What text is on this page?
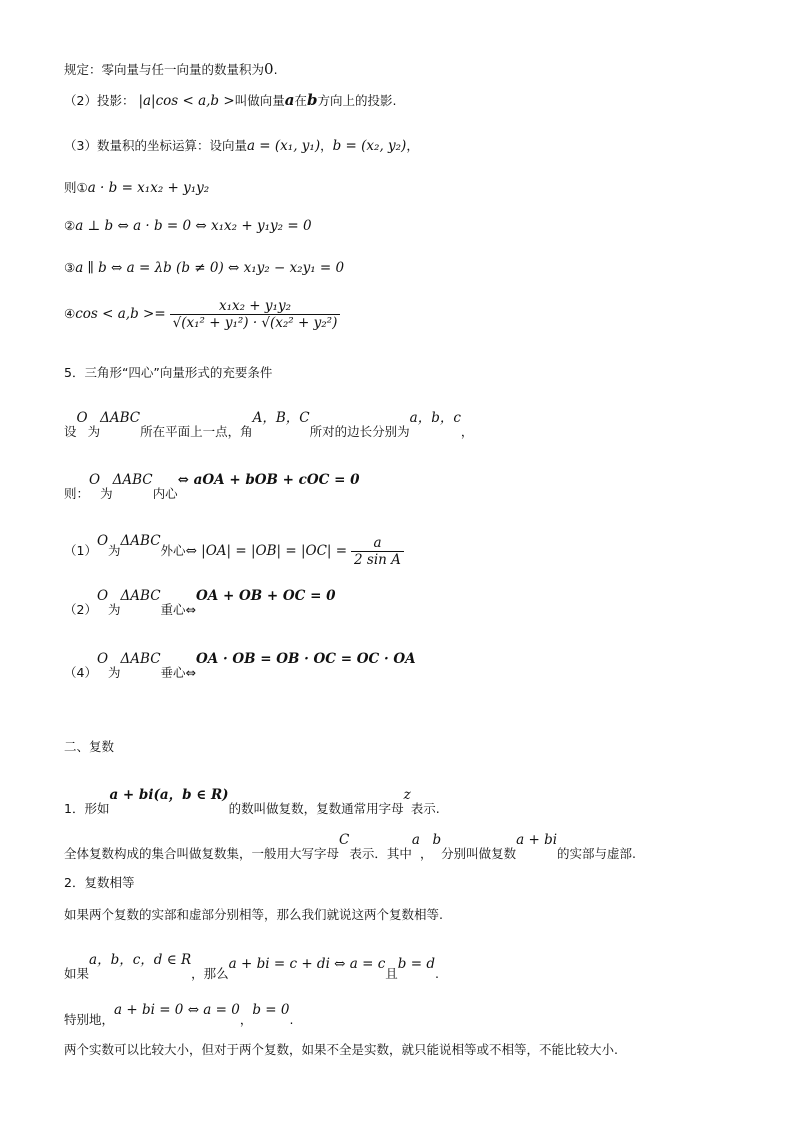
规定：零向量与任一向量的数量积为0.
（2）投影： |a|cos < a,b >叫做向量a在b方向上的投影.
（3）数量积的坐标运算：设向量a = (x₁, y₁)，b = (x₂, y₂)，
则①a · b = x₁x₂ + y₁y₂
②a ⊥ b ⇔ a · b = 0 ⇔ x₁x₂ + y₁y₂ = 0
③a ∥ b ⇔ a = λb (b ≠ 0) ⇔ x₁y₂ − x₂y₁ = 0
④cos < $a,b >= \frac{\text{x₁x₂ + y₁y₂}}{\text{√(x₁² + y₁²) · √(x₂² + y₂²)}}$
5．三角形“四心”向量形式的充要条件
设O为ΔABC所在平面上一点，角A，B，C所对的边长分别为a，b，c，
则：O为ΔABC内心⇔ aOA + bOB + cOC = 0
（1）O为ΔABC外心⇔ $|OA| = |OB| = |OC| = \frac{a}{\text{2 sin A}}$
（2）O为ΔABC重心⇔OA + OB + OC = 0
（4）O为ΔABC垂心⇔OA · OB = OB · OC = OC · OA
二、复数
1．形如a + bi(a，b ∈ R)的数叫做复数，复数通常用字母z表示.
全体复数构成的集合叫做复数集，一般用大写字母C表示．其中a，b分别叫做复数a + bi的实部与虚部.
2．复数相等
如果两个复数的实部和虚部分别相等，那么我们就说这两个复数相等.
如果a，b，c，d ∈ R，那么a + bi = c + di ⇔ a = c且b = d.
特别地，a + bi = 0 ⇔ a = 0，b = 0.
两个实数可以比较大小，但对于两个复数，如果不全是实数，就只能说相等或不相等，不能比较大小.
